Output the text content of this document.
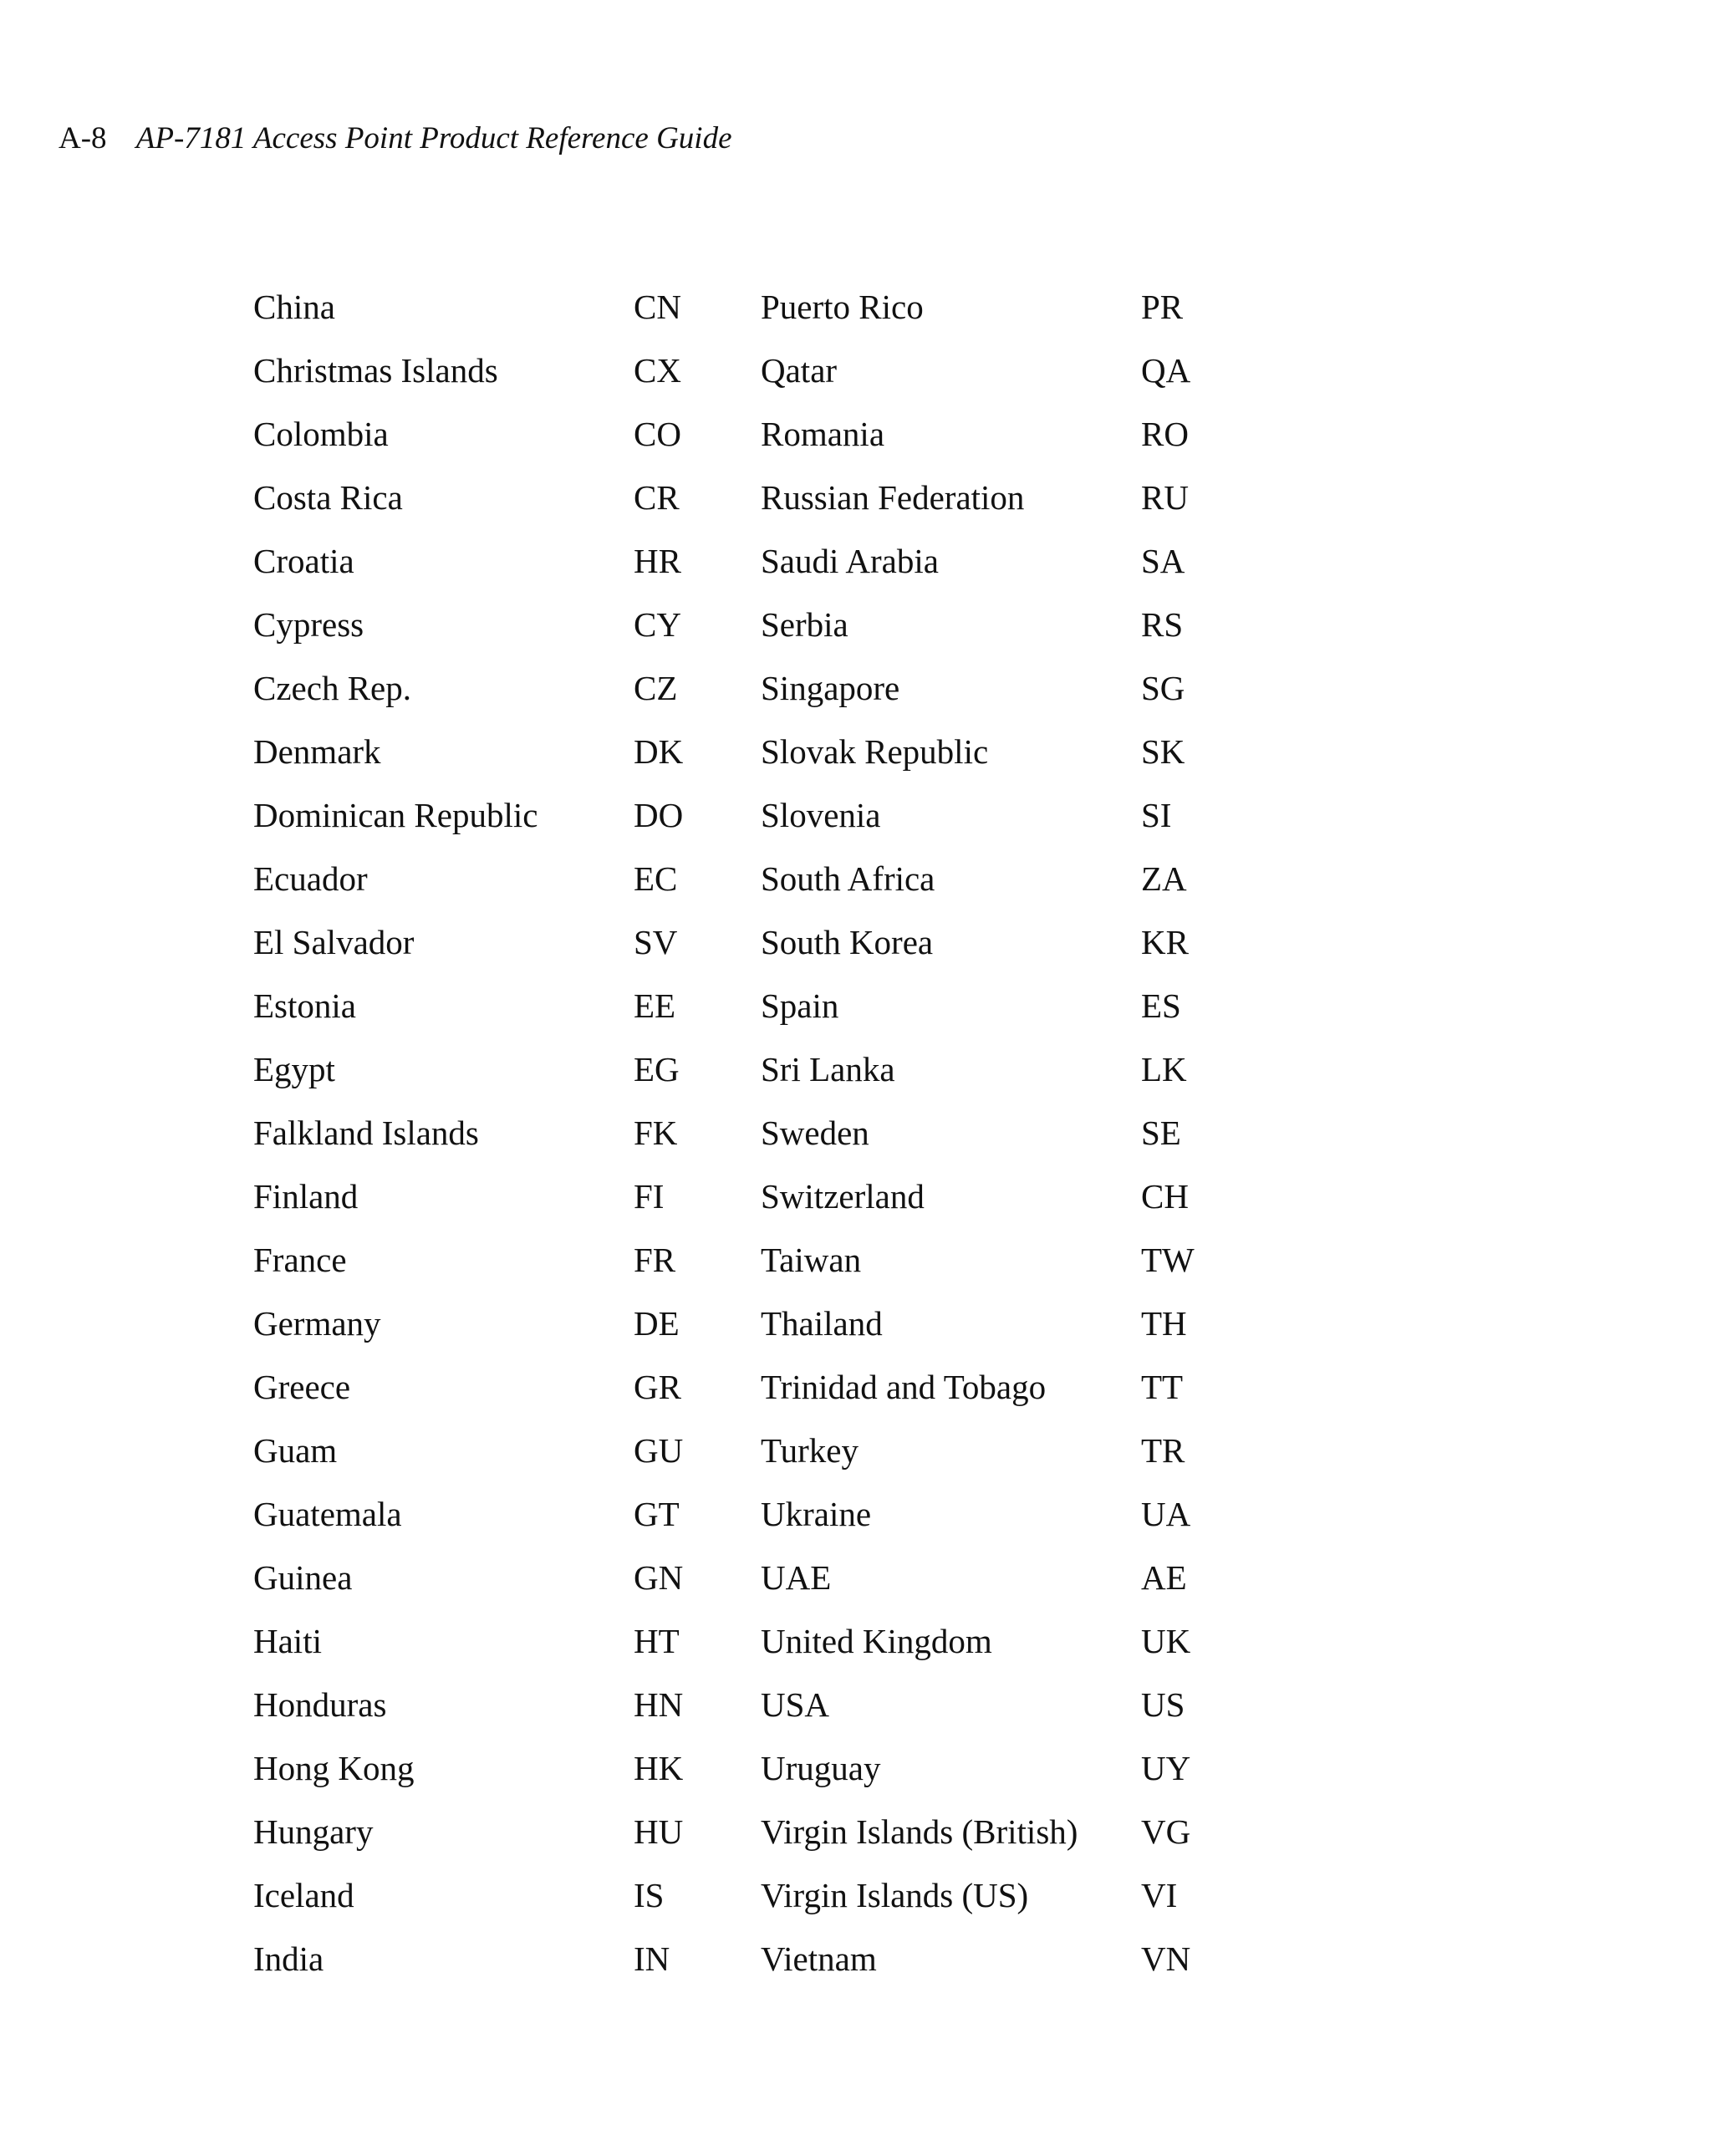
A-8 AP-7181 Access Point Product Reference Guide
China	CN	Puerto Rico	PR
Christmas Islands	CX	Qatar	QA
Colombia	CO	Romania	RO
Costa Rica	CR	Russian Federation	RU
Croatia	HR	Saudi Arabia	SA
Cypress	CY	Serbia	RS
Czech Rep.	CZ	Singapore	SG
Denmark	DK	Slovak Republic	SK
Dominican Republic	DO	Slovenia	SI
Ecuador	EC	South Africa	ZA
El Salvador	SV	South Korea	KR
Estonia	EE	Spain	ES
Egypt	EG	Sri Lanka	LK
Falkland Islands	FK	Sweden	SE
Finland	FI	Switzerland	CH
France	FR	Taiwan	TW
Germany	DE	Thailand	TH
Greece	GR	Trinidad and Tobago	TT
Guam	GU	Turkey	TR
Guatemala	GT	Ukraine	UA
Guinea	GN	UAE	AE
Haiti	HT	United Kingdom	UK
Honduras	HN	USA	US
Hong Kong	HK	Uruguay	UY
Hungary	HU	Virgin Islands (British)	VG
Iceland	IS	Virgin Islands (US)	VI
India	IN	Vietnam	VN
